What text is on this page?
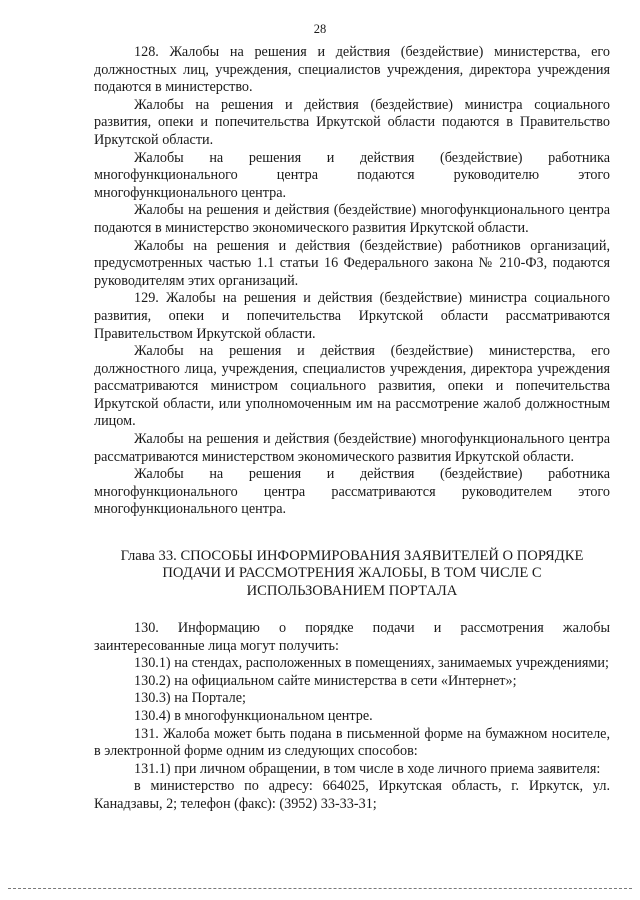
28

128. Жалобы на решения и действия (бездействие) министерства, его должностных лиц, учреждения, специалистов учреждения, директора учреждения подаются в министерство.

Жалобы на решения и действия (бездействие) министра социального развития, опеки и попечительства Иркутской области подаются в Правительство Иркутской области.

Жалобы на решения и действия (бездействие) работника многофункционального центра подаются руководителю этого многофункционального центра.

Жалобы на решения и действия (бездействие) многофункционального центра подаются в министерство экономического развития Иркутской области.

Жалобы на решения и действия (бездействие) работников организаций, предусмотренных частью 1.1 статьи 16 Федерального закона № 210-ФЗ, подаются руководителям этих организаций.

129. Жалобы на решения и действия (бездействие) министра социального развития, опеки и попечительства Иркутской области рассматриваются Правительством Иркутской области.

Жалобы на решения и действия (бездействие) министерства, его должностного лица, учреждения, специалистов учреждения, директора учреждения рассматриваются министром социального развития, опеки и попечительства Иркутской области, или уполномоченным им на рассмотрение жалоб должностным лицом.

Жалобы на решения и действия (бездействие) многофункционального центра рассматриваются министерством экономического развития Иркутской области.

Жалобы на решения и действия (бездействие) работника многофункционального центра рассматриваются руководителем этого многофункционального центра.

Глава 33. СПОСОБЫ ИНФОРМИРОВАНИЯ ЗАЯВИТЕЛЕЙ О ПОРЯДКЕ ПОДАЧИ И РАССМОТРЕНИЯ ЖАЛОБЫ, В ТОМ ЧИСЛЕ С ИСПОЛЬЗОВАНИЕМ ПОРТАЛА

130. Информацию о порядке подачи и рассмотрения жалобы заинтересованные лица могут получить:

130.1) на стендах, расположенных в помещениях, занимаемых учреждениями;

130.2) на официальном сайте министерства в сети «Интернет»;

130.3) на Портале;

130.4) в многофункциональном центре.

131. Жалоба может быть подана в письменной форме на бумажном носителе, в электронной форме одним из следующих способов:

131.1) при личном обращении, в том числе в ходе личного приема заявителя:

в министерство по адресу: 664025, Иркутская область, г. Иркутск, ул. Канадзавы, 2; телефон (факс): (3952) 33-33-31;
